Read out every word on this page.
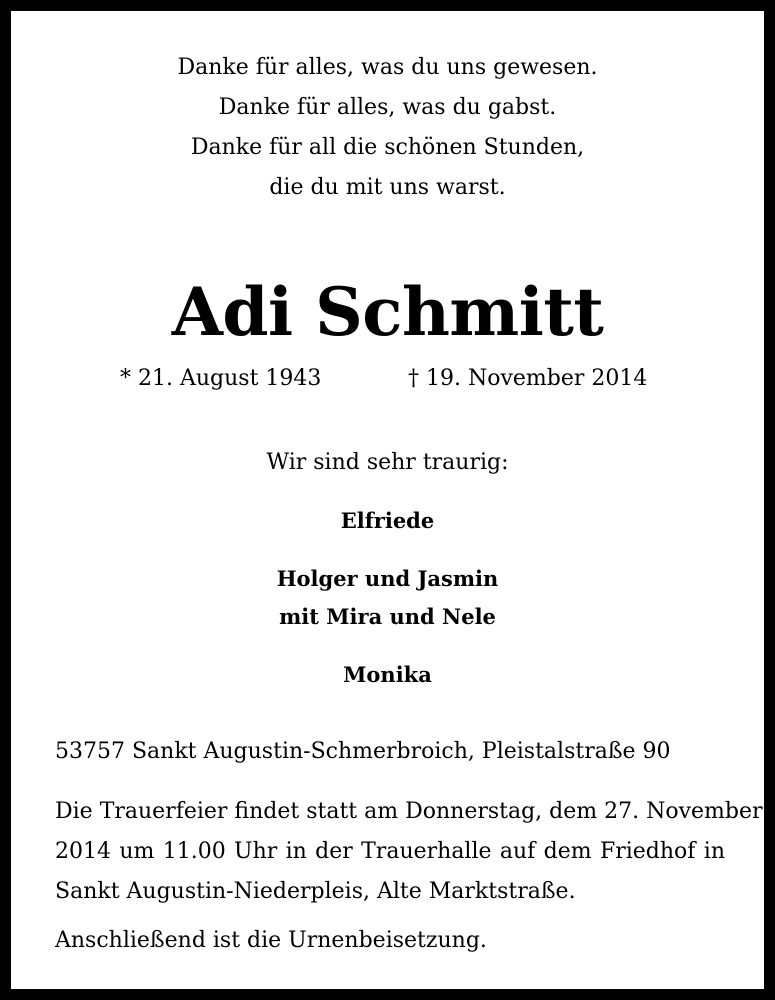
Danke für alles, was du uns gewesen.
Danke für alles, was du gabst.
Danke für all die schönen Stunden,
die du mit uns warst.
Adi Schmitt
* 21. August 1943	† 19. November 2014
Wir sind sehr traurig:
Elfriede
Holger und Jasmin
mit Mira und Nele
Monika
53757 Sankt Augustin-Schmerbroich, Pleistalstraße 90
Die Trauerfeier findet statt am Donnerstag, dem 27. November
2014 um 11.00 Uhr in der Trauerhalle auf dem Friedhof in
Sankt Augustin-Niederpleis, Alte Marktstraße.
Anschließend ist die Urnenbeisetzung.
